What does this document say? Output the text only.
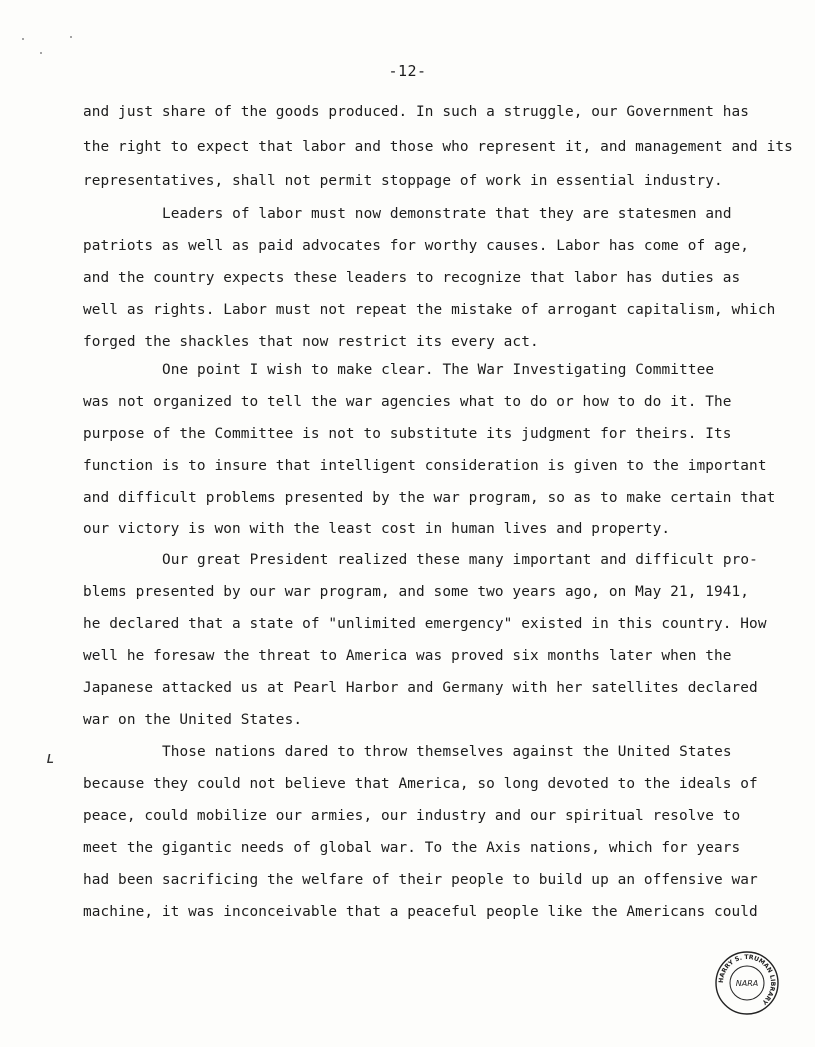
-12-
and just share of the goods produced. In such a struggle, our Government has
the right to expect that labor and those who represent it, and management and its
representatives, shall not permit stoppage of work in essential industry.
Leaders of labor must now demonstrate that they are statesmen and
patriots as well as paid advocates for worthy causes. Labor has come of age,
and the country expects these leaders to recognize that labor has duties as
well as rights. Labor must not repeat the mistake of arrogant capitalism, which
forged the shackles that now restrict its every act.
One point I wish to make clear. The War Investigating Committee
was not organized to tell the war agencies what to do or how to do it. The
purpose of the Committee is not to substitute its judgment for theirs. Its
function is to insure that intelligent consideration is given to the important
and difficult problems presented by the war program, so as to make certain that
our victory is won with the least cost in human lives and property.
Our great President realized these many important and difficult pro-
blems presented by our war program, and some two years ago, on May 21, 1941,
he declared that a state of "unlimited emergency" existed in this country. How
well he foresaw the threat to America was proved six months later when the
Japanese attacked us at Pearl Harbor and Germany with her satellites declared
war on the United States.
ʟ	Those nations dared to throw themselves against the United States
because they could not believe that America, so long devoted to the ideals of
peace, could mobilize our armies, our industry and our spiritual resolve to
meet the gigantic needs of global war. To the Axis nations, which for years
had been sacrificing the welfare of their people to build up an offensive war
machine, it was inconceivable that a peaceful people like the Americans could
HARRY S. TRUMAN LIBRARY
NARA
